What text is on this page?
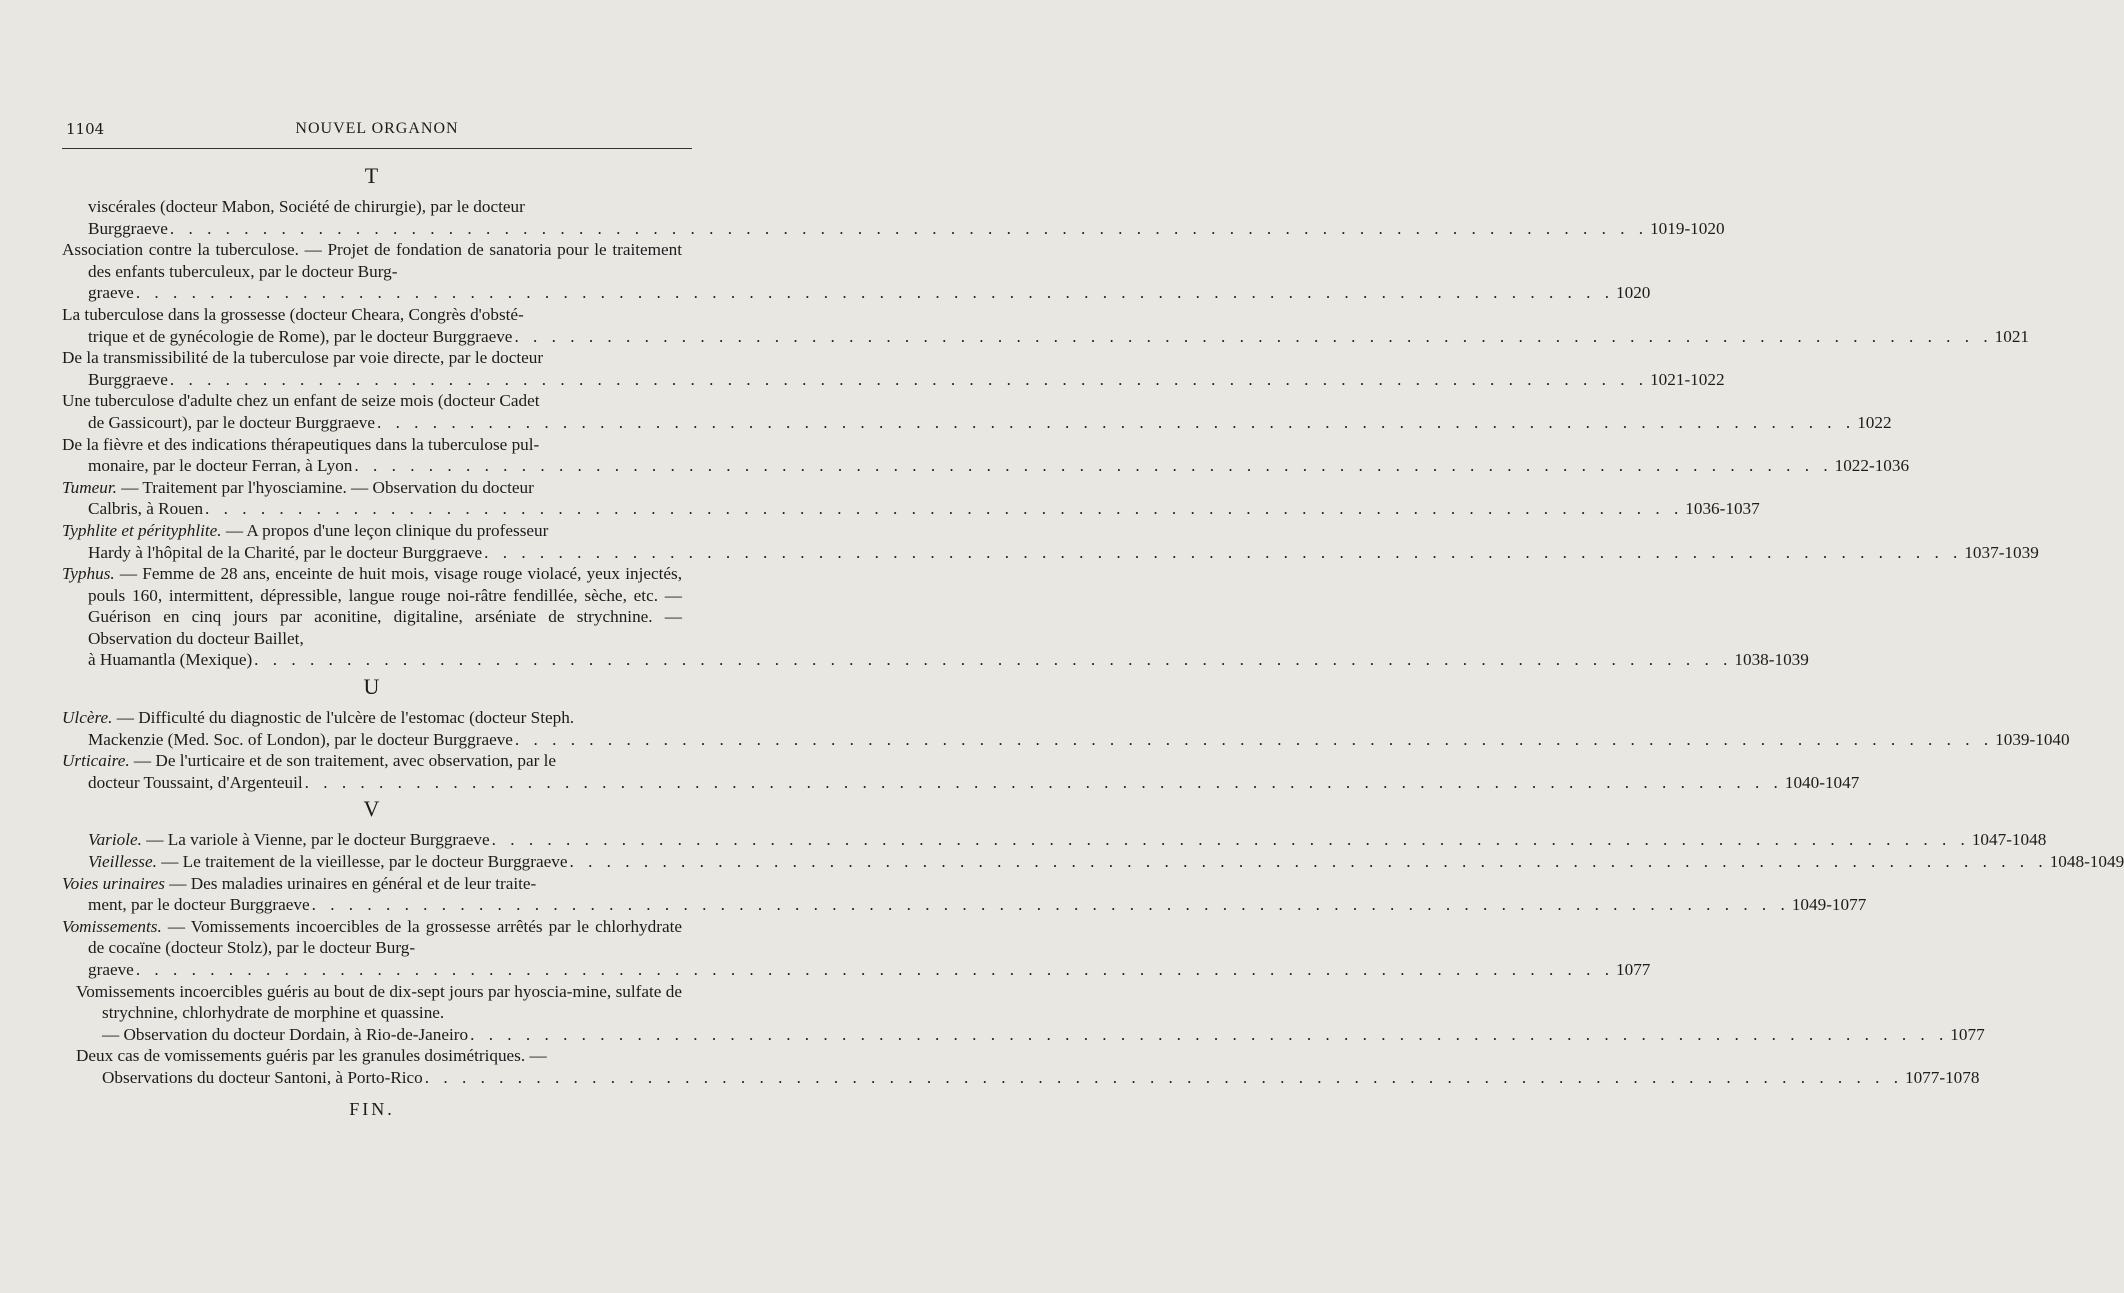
1104	NOUVEL ORGANON
T
viscérales (docteur Mabon, Société de chirurgie), par le docteur
Burggraeve . . . . . . . . . . . . . . . . . . . . . . . . . . . . . . . . . . . . . . . . . . . . . . . . . . . . . . . . . . . . . . . . . . . . . . . . . . . . . . . . 1019-1020
Association contre la tuberculose. — Projet de fondation de sanatoria pour le traitement des enfants tuberculeux, par le docteur Burg-
graeve . . . . . . . . . . . . . . . . . . . . . . . . . . . . . . . . . . . . . . . . . . . . . . . . . . . . . . . . . . . . . . . . . . . . . . . . . . . . . . . . 1020
La tuberculose dans la grossesse (docteur Cheara, Congrès d'obsté-
trique et de gynécologie de Rome), par le docteur Burggraeve . . . . . . . . . . . . . . . . . . . . . . . . . . . . . . . . . . . . . . . . . . . . . . . . . . . . . . . . . . . . . . . . . . . . . . . . . . . . . . . . 1021
De la transmissibilité de la tuberculose par voie directe, par le docteur
Burggraeve . . . . . . . . . . . . . . . . . . . . . . . . . . . . . . . . . . . . . . . . . . . . . . . . . . . . . . . . . . . . . . . . . . . . . . . . . . . . . . . . 1021-1022
Une tuberculose d'adulte chez un enfant de seize mois (docteur Cadet
de Gassicourt), par le docteur Burggraeve . . . . . . . . . . . . . . . . . . . . . . . . . . . . . . . . . . . . . . . . . . . . . . . . . . . . . . . . . . . . . . . . . . . . . . . . . . . . . . . . 1022
De la fièvre et des indications thérapeutiques dans la tuberculose pul-
monaire, par le docteur Ferran, à Lyon . . . . . . . . . . . . . . . . . . . . . . . . . . . . . . . . . . . . . . . . . . . . . . . . . . . . . . . . . . . . . . . . . . . . . . . . . . . . . . . . 1022-1036
Tumeur. — Traitement par l'hyosciamine. — Observation du docteur
Calbris, à Rouen . . . . . . . . . . . . . . . . . . . . . . . . . . . . . . . . . . . . . . . . . . . . . . . . . . . . . . . . . . . . . . . . . . . . . . . . . . . . . . . . 1036-1037
Typhlite et pérityphlite. — A propos d'une leçon clinique du professeur
Hardy à l'hôpital de la Charité, par le docteur Burggraeve . . . . . . . . . . . . . . . . . . . . . . . . . . . . . . . . . . . . . . . . . . . . . . . . . . . . . . . . . . . . . . . . . . . . . . . . . . . . . . . . 1037-1039
Typhus. — Femme de 28 ans, enceinte de huit mois, visage rouge violacé, yeux injectés, pouls 160, intermittent, dépressible, langue rouge noi-râtre fendillée, sèche, etc. — Guérison en cinq jours par aconitine, digitaline, arséniate de strychnine. — Observation du docteur Baillet,
à Huamantla (Mexique) . . . . . . . . . . . . . . . . . . . . . . . . . . . . . . . . . . . . . . . . . . . . . . . . . . . . . . . . . . . . . . . . . . . . . . . . . . . . . . . . 1038-1039
U
Ulcère. — Difficulté du diagnostic de l'ulcère de l'estomac (docteur Steph.
Mackenzie (Med. Soc. of London), par le docteur Burggraeve . . . . . . . . . . . . . . . . . . . . . . . . . . . . . . . . . . . . . . . . . . . . . . . . . . . . . . . . . . . . . . . . . . . . . . . . . . . . . . . . 1039-1040
Urticaire. — De l'urticaire et de son traitement, avec observation, par le
docteur Toussaint, d'Argenteuil . . . . . . . . . . . . . . . . . . . . . . . . . . . . . . . . . . . . . . . . . . . . . . . . . . . . . . . . . . . . . . . . . . . . . . . . . . . . . . . . 1040-1047
V
Variole. — La variole à Vienne, par le docteur Burggraeve . . . . . . . . . . . . . . . . . . . . . . . . . . . . . . . . . . . . . . . . . . . . . . . . . . . . . . . . . . . . . . . . . . . . . . . . . . . . . . . . 1047-1048
Vieillesse. — Le traitement de la vieillesse, par le docteur Burggraeve . . . . . . . . . . . . . . . . . . . . . . . . . . . . . . . . . . . . . . . . . . . . . . . . . . . . . . . . . . . . . . . . . . . . . . . . . . . . . . . . 1048-1049
Voies urinaires — Des maladies urinaires en général et de leur traite-
ment, par le docteur Burggraeve . . . . . . . . . . . . . . . . . . . . . . . . . . . . . . . . . . . . . . . . . . . . . . . . . . . . . . . . . . . . . . . . . . . . . . . . . . . . . . . . 1049-1077
Vomissements. — Vomissements incoercibles de la grossesse arrêtés par le chlorhydrate de cocaïne (docteur Stolz), par le docteur Burg-
graeve . . . . . . . . . . . . . . . . . . . . . . . . . . . . . . . . . . . . . . . . . . . . . . . . . . . . . . . . . . . . . . . . . . . . . . . . . . . . . . . . 1077
Vomissements incoercibles guéris au bout de dix-sept jours par hyoscia-mine, sulfate de strychnine, chlorhydrate de morphine et quassine.
— Observation du docteur Dordain, à Rio-de-Janeiro . . . . . . . . . . . . . . . . . . . . . . . . . . . . . . . . . . . . . . . . . . . . . . . . . . . . . . . . . . . . . . . . . . . . . . . . . . . . . . . . 1077
Deux cas de vomissements guéris par les granules dosimétriques. —
Observations du docteur Santoni, à Porto-Rico . . . . . . . . . . . . . . . . . . . . . . . . . . . . . . . . . . . . . . . . . . . . . . . . . . . . . . . . . . . . . . . . . . . . . . . . . . . . . . . . 1077-1078
FIN.
